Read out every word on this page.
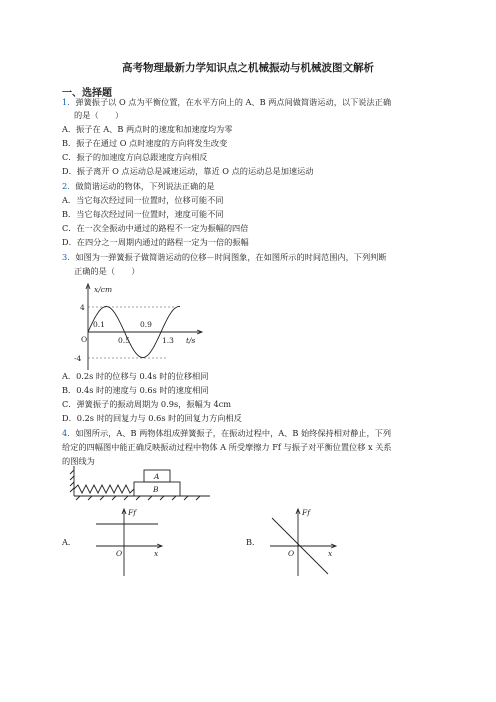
高考物理最新力学知识点之机械振动与机械波图文解析
一、选择题
1．弹簧振子以 O 点为平衡位置，在水平方向上的 A、B 两点间做简谐运动，以下说法正确
的是（　　）
A．振子在 A、B 两点时的速度和加速度均为零
B．振子在通过 O 点时速度的方向将发生改变
C．振子的加速度方向总跟速度方向相反
D．振子离开 O 点运动总是减速运动，靠近 O 点的运动总是加速运动
2．做简谐运动的物体，下列说法正确的是
A．当它每次经过同一位置时，位移可能不同
B．当它每次经过同一位置时，速度可能不同
C．在一次全振动中通过的路程不一定为振幅的四倍
D．在四分之一周期内通过的路程一定为一倍的振幅
3．如图为一弹簧振子做简谐运动的位移－时间图象，在如图所示的时间范围内，下列判断
正确的是（　　）
x/cm
t/s
4
-4
O
0.1
0.5
0.9
1.3
A．0.2s 时的位移与 0.4s 时的位移相同
B．0.4s 时的速度与 0.6s 时的速度相同
C．弹簧振子的振动周期为 0.9s，振幅为 4cm
D．0.2s 时的回复力与 0.6s 时的回复力方向相反
4．如图所示，A、B 两物体组成弹簧振子，在振动过程中，A、B 始终保持相对静止，下列
给定的四幅图中能正确反映振动过程中物体 A 所受摩擦力 Ff 与振子对平衡位置位移 x 关系
的图线为
A
B
A．
Ff
x
O
B．
Ff
x
O
